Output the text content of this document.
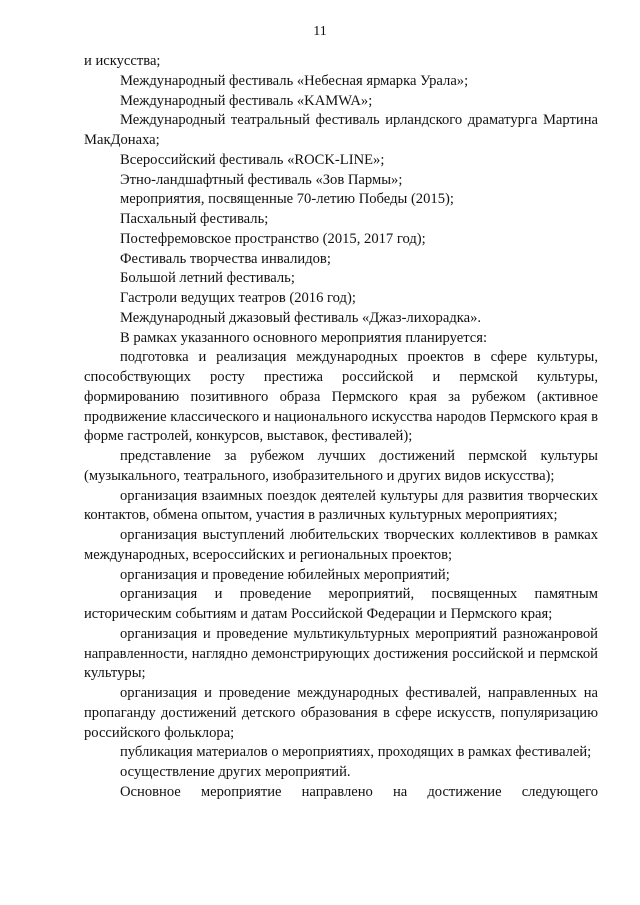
11

и искусства;

Международный фестиваль «Небесная ярмарка Урала»;

Международный фестиваль «KAMWA»;

Международный театральный фестиваль ирландского драматурга Мартина МакДонаха;

Всероссийский фестиваль «ROCK-LINE»;

Этно-ландшафтный фестиваль «Зов Пармы»;

мероприятия, посвященные 70-летию Победы (2015);

Пасхальный фестиваль;

Постефремовское пространство (2015, 2017 год);

Фестиваль творчества инвалидов;

Большой летний фестиваль;

Гастроли ведущих театров (2016 год);

Международный джазовый фестиваль «Джаз-лихорадка».

В рамках указанного основного мероприятия планируется:

подготовка и реализация международных проектов в сфере культуры, способствующих росту престижа российской и пермской культуры, формированию позитивного образа Пермского края за рубежом (активное продвижение классического и национального искусства народов Пермского края в форме гастролей, конкурсов, выставок, фестивалей);

представление за рубежом лучших достижений пермской культуры (музыкального, театрального, изобразительного и других видов искусства);

организация взаимных поездок деятелей культуры для развития творческих контактов, обмена опытом, участия в различных культурных мероприятиях;

организация выступлений любительских творческих коллективов в рамках международных, всероссийских и региональных проектов;

организация и проведение юбилейных мероприятий;

организация и проведение мероприятий, посвященных памятным историческим событиям и датам Российской Федерации и Пермского края;

организация и проведение мультикультурных мероприятий разножанровой направленности, наглядно демонстрирующих достижения российской и пермской культуры;

организация и проведение международных фестивалей, направленных на пропаганду достижений детского образования в сфере искусств, популяризацию российского фольклора;

публикация материалов о мероприятиях, проходящих в рамках фестивалей;

осуществление других мероприятий.

Основное мероприятие направлено на достижение следующего
